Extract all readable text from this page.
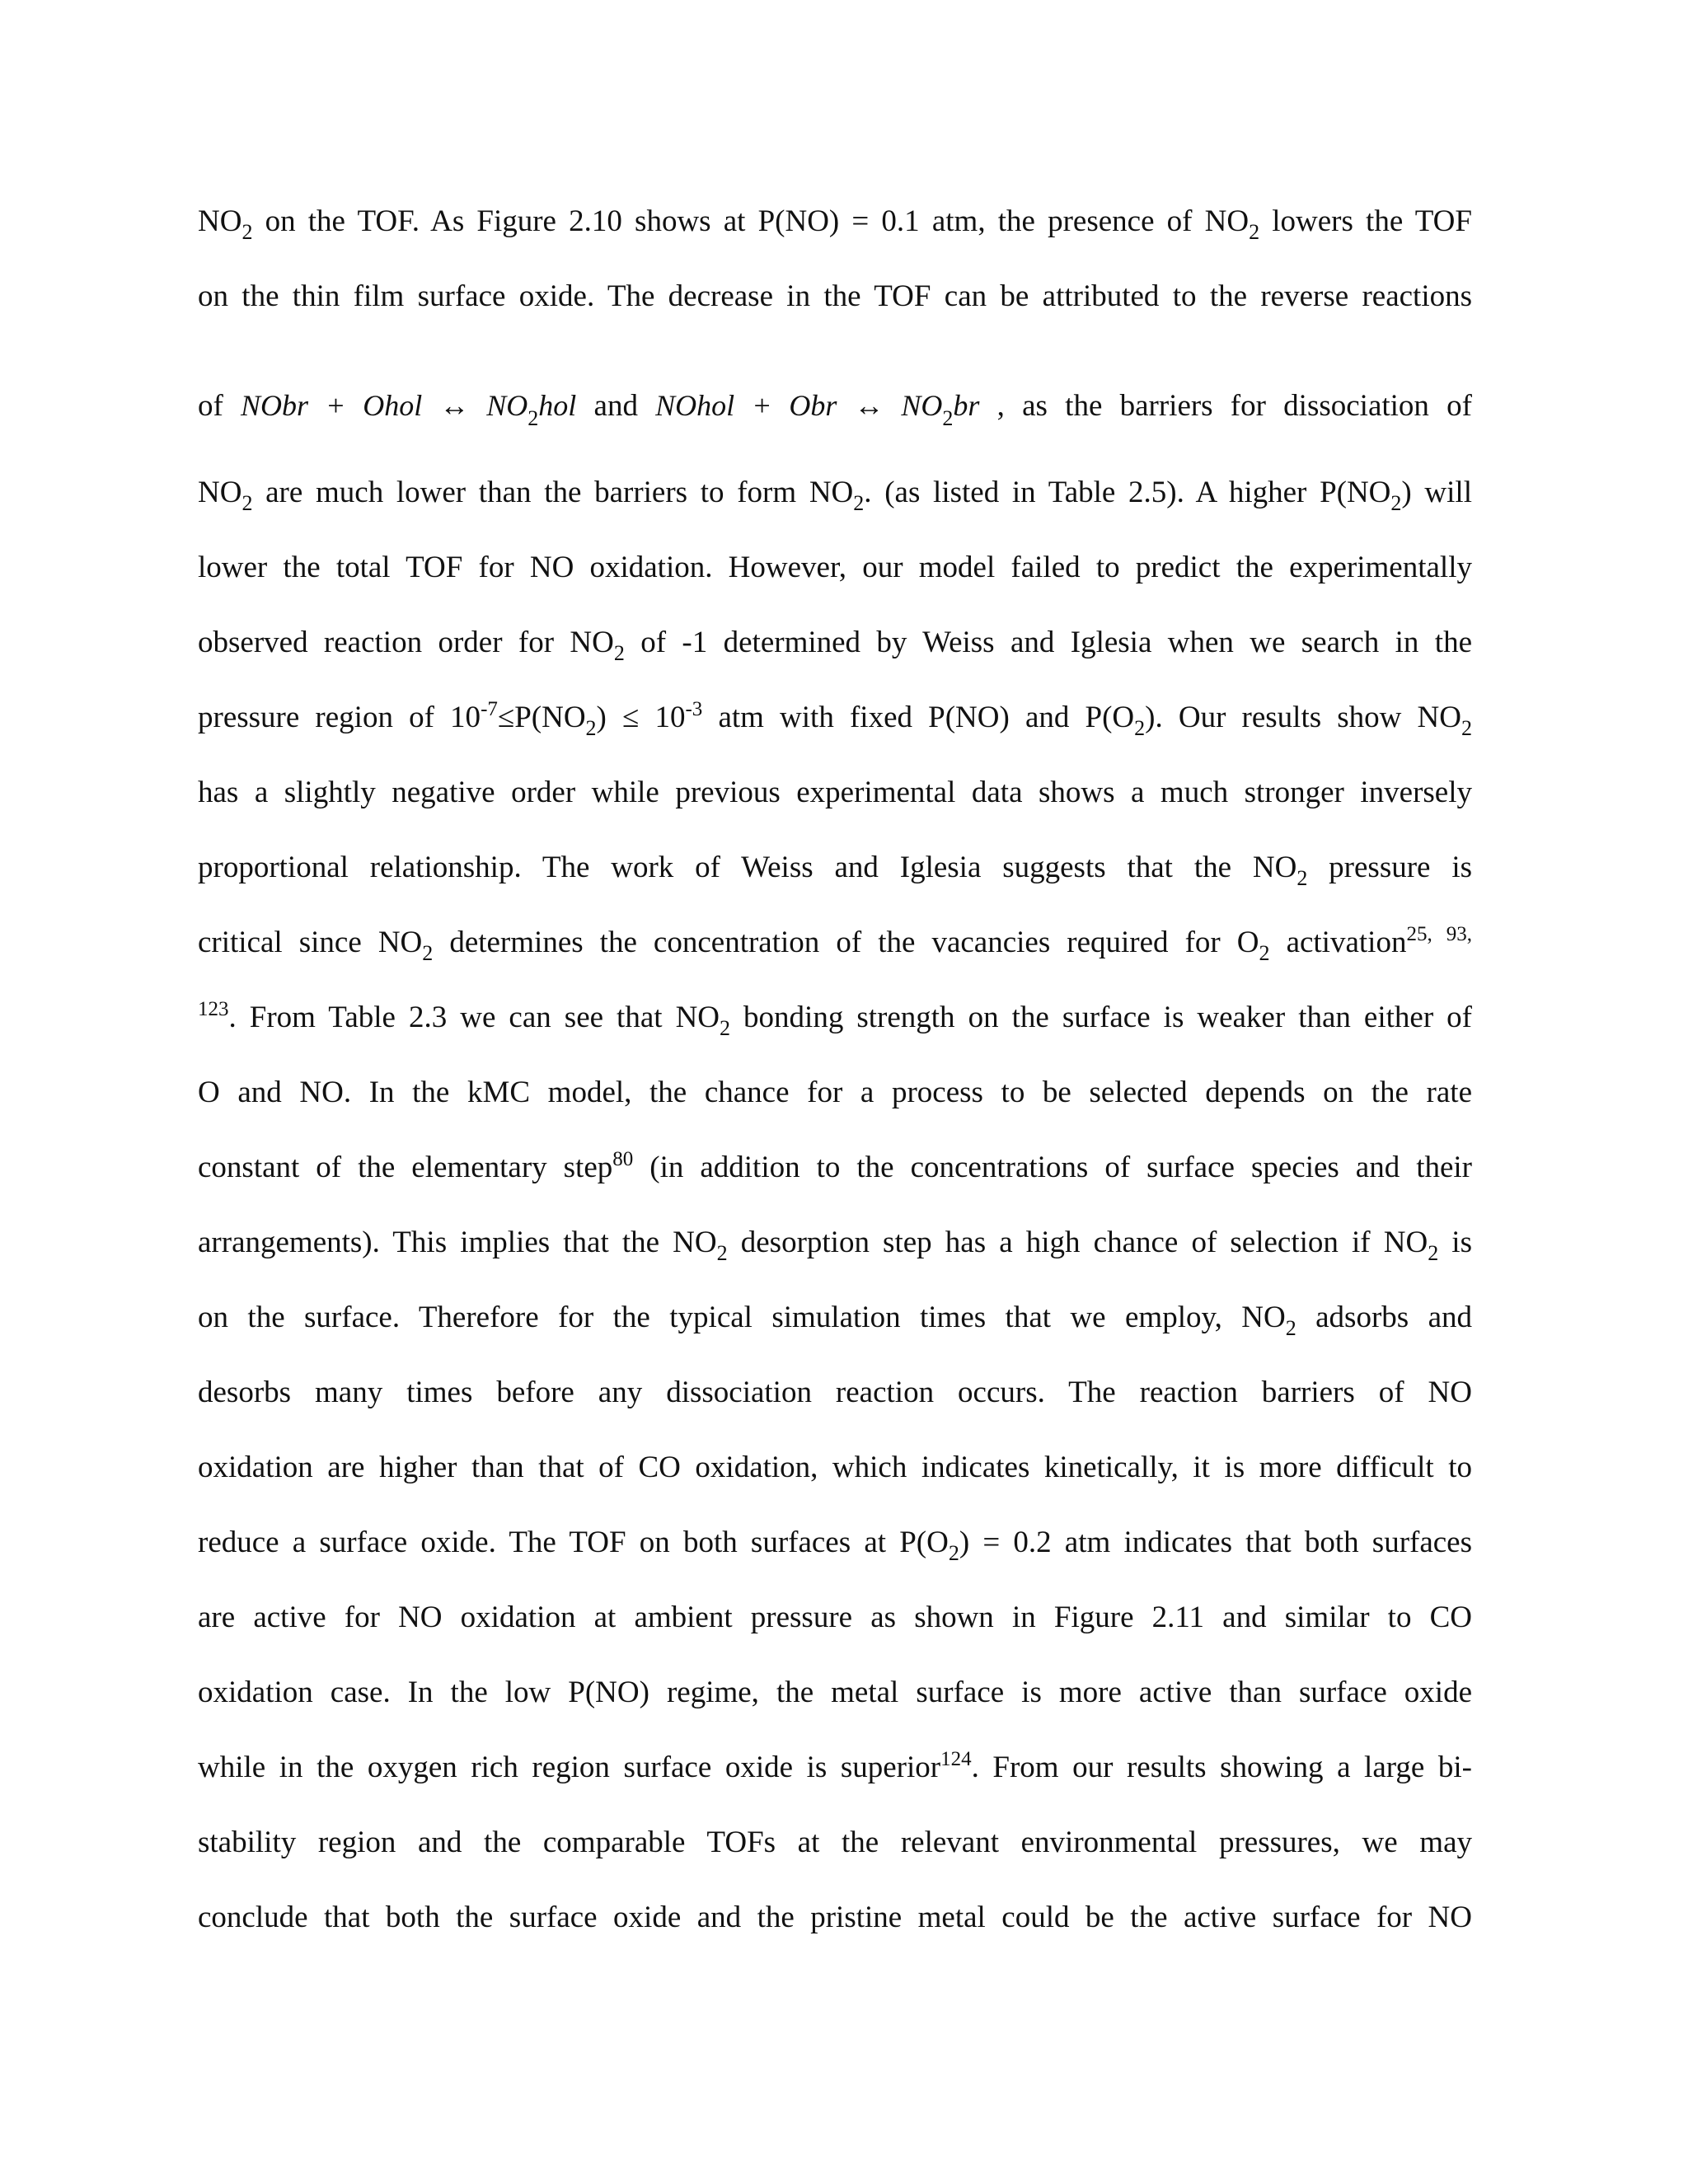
$NO_2$ on the TOF. As Figure 2.10 shows at P(NO) = 0.1 atm, the presence of $NO_2$ lowers the TOF
on the thin film surface oxide. The decrease in the TOF can be attributed to the reverse reactions
of NObr + Ohol ↔ $NO_2hol$ and NOhol + Obr ↔ $NO_2br$ , as the barriers for dissociation of
$NO_2$ are much lower than the barriers to form $NO_2$. (as listed in Table 2.5). A higher $P(NO_2)$ will
lower the total TOF for NO oxidation. However, our model failed to predict the experimentally
observed reaction order for $NO_2$ of -1 determined by Weiss and Iglesia when we search in the
pressure region of $10^{-7}\le P(NO_2) \le 10^{-3}$ atm with fixed P(NO) and $P(O_2)$. Our results show $NO_2$
has a slightly negative order while previous experimental data shows a much stronger inversely
proportional relationship. The work of Weiss and Iglesia suggests that the $NO_2$ pressure is
critical since $NO_2$ determines the concentration of the vacancies required for $O_2$ activation$^{25, 93,}$
$^{123}$. From Table 2.3 we can see that $NO_2$ bonding strength on the surface is weaker than either of
O and NO. In the kMC model, the chance for a process to be selected depends on the rate
constant of the elementary step$^{80}$ (in addition to the concentrations of surface species and their
arrangements). This implies that the $NO_2$ desorption step has a high chance of selection if $NO_2$ is
on the surface. Therefore for the typical simulation times that we employ, $NO_2$ adsorbs and
desorbs many times before any dissociation reaction occurs. The reaction barriers of NO
oxidation are higher than that of CO oxidation, which indicates kinetically, it is more difficult to
reduce a surface oxide. The TOF on both surfaces at $P(O_2) = 0.2$ atm indicates that both surfaces
are active for NO oxidation at ambient pressure as shown in Figure 2.11 and similar to CO
oxidation case. In the low P(NO) regime, the metal surface is more active than surface oxide
while in the oxygen rich region surface oxide is superior$^{124}$. From our results showing a large bi-
stability region and the comparable TOFs at the relevant environmental pressures, we may
conclude that both the surface oxide and the pristine metal could be the active surface for NO
